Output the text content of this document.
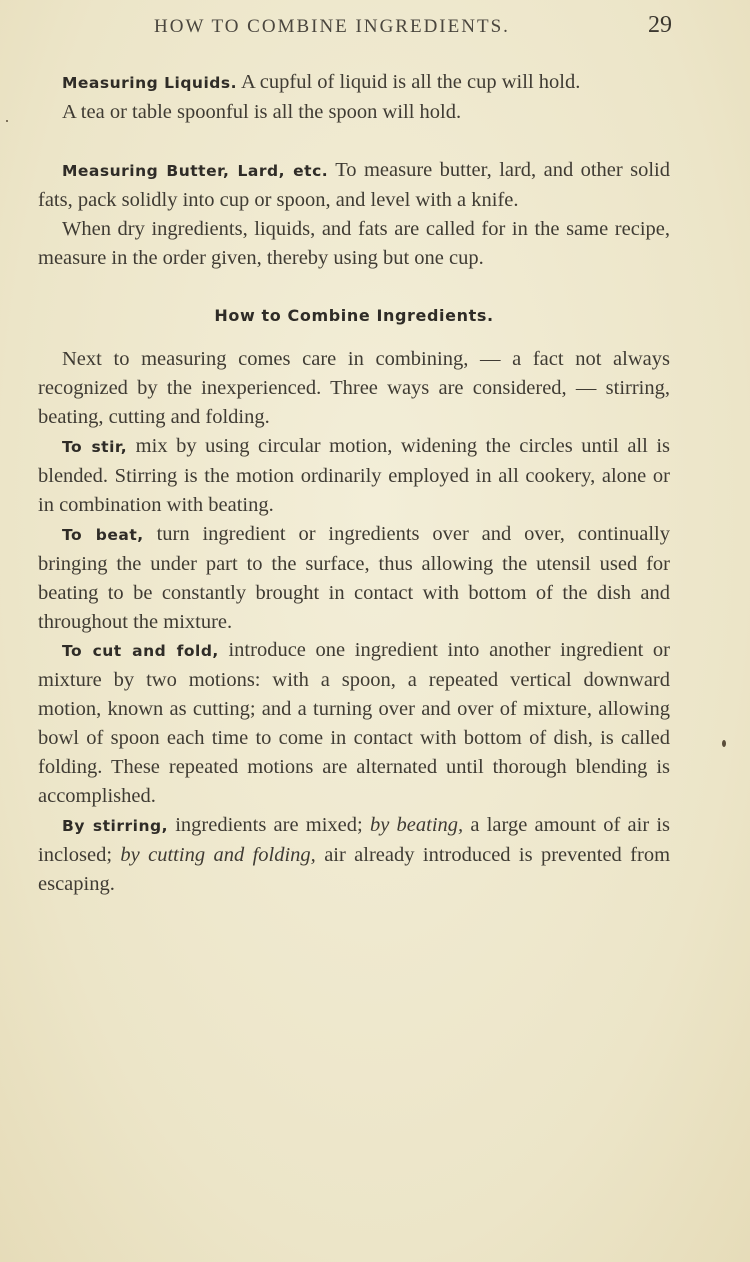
HOW TO COMBINE INGREDIENTS.	29

Measuring Liquids. A cupful of liquid is all the cup will hold.

A tea or table spoonful is all the spoon will hold.

Measuring Butter, Lard, etc. To measure butter, lard, and other solid fats, pack solidly into cup or spoon, and level with a knife.

When dry ingredients, liquids, and fats are called for in the same recipe, measure in the order given, thereby using but one cup.

How to Combine Ingredients.

Next to measuring comes care in combining, — a fact not always recognized by the inexperienced. Three ways are considered, — stirring, beating, cutting and folding.

To stir, mix by using circular motion, widening the circles until all is blended. Stirring is the motion ordinarily employed in all cookery, alone or in combination with beating.

To beat, turn ingredient or ingredients over and over, continually bringing the under part to the surface, thus allowing the utensil used for beating to be constantly brought in contact with bottom of the dish and throughout the mixture.

To cut and fold, introduce one ingredient into another ingredient or mixture by two motions: with a spoon, a repeated vertical downward motion, known as cutting; and a turning over and over of mixture, allowing bowl of spoon each time to come in contact with bottom of dish, is called folding. These repeated motions are alternated until thorough blending is accomplished.

By stirring, ingredients are mixed; by beating, a large amount of air is inclosed; by cutting and folding, air already introduced is prevented from escaping.
